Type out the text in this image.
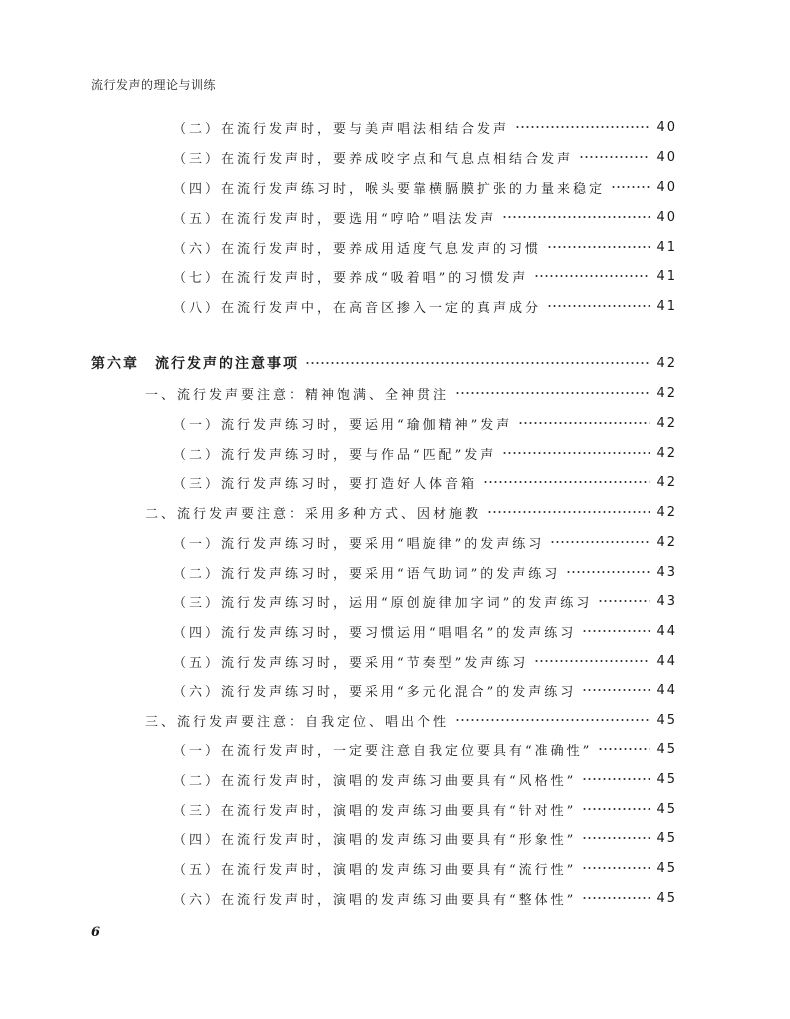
流行发声的理论与训练
（二）在流行发声时，要与美声唱法相结合发声	40
（三）在流行发声时，要养成咬字点和气息点相结合发声	40
（四）在流行发声练习时，喉头要靠横膈膜扩张的力量来稳定	40
（五）在流行发声时，要选用“哼哈”唱法发声	40
（六）在流行发声时，要养成用适度气息发声的习惯	41
（七）在流行发声时，要养成“吸着唱”的习惯发声	41
（八）在流行发声中，在高音区掺入一定的真声成分	41
第六章　流行发声的注意事项	42
一、流行发声要注意：精神饱满、全神贯注	42
（一）流行发声练习时，要运用“瑜伽精神”发声	42
（二）流行发声练习时，要与作品“匹配”发声	42
（三）流行发声练习时，要打造好人体音箱	42
二、流行发声要注意：采用多种方式、因材施教	42
（一）流行发声练习时，要采用“唱旋律”的发声练习	42
（二）流行发声练习时，要采用“语气助词”的发声练习	43
（三）流行发声练习时，运用“原创旋律加字词”的发声练习	43
（四）流行发声练习时，要习惯运用“唱唱名”的发声练习	44
（五）流行发声练习时，要采用“节奏型”发声练习	44
（六）流行发声练习时，要采用“多元化混合”的发声练习	44
三、流行发声要注意：自我定位、唱出个性	45
（一）在流行发声时，一定要注意自我定位要具有“准确性”	45
（二）在流行发声时，演唱的发声练习曲要具有“风格性”	45
（三）在流行发声时，演唱的发声练习曲要具有“针对性”	45
（四）在流行发声时，演唱的发声练习曲要具有“形象性”	45
（五）在流行发声时，演唱的发声练习曲要具有“流行性”	45
（六）在流行发声时，演唱的发声练习曲要具有“整体性”	45
6
